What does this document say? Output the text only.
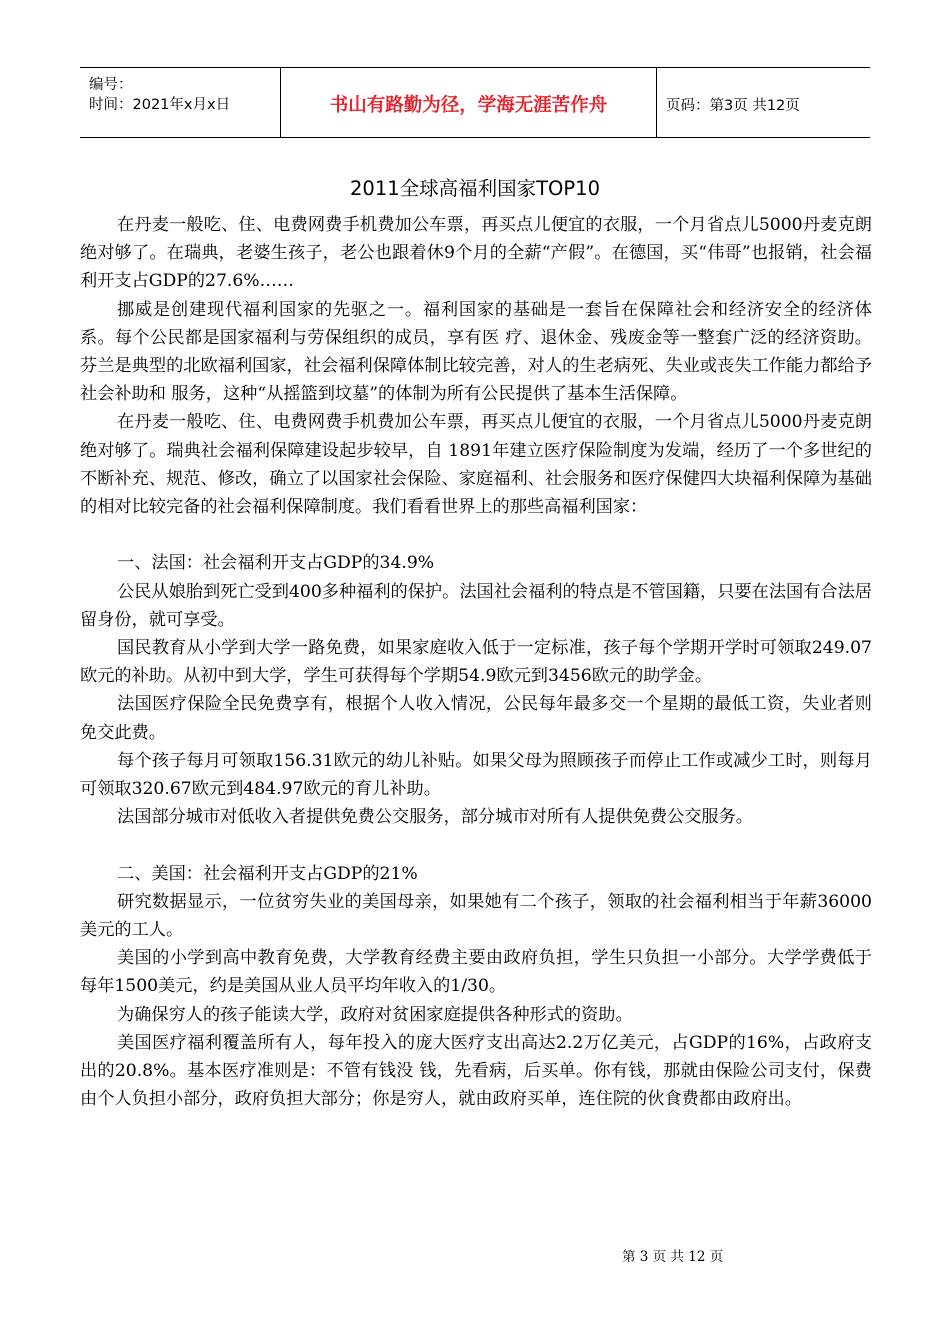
编号：
时间：2021年x月x日	书山有路勤为径，学海无涯苦作舟	页码：第3页 共12页
2011全球高福利国家TOP10

在丹麦一般吃、住、电费网费手机费加公车票，再买点儿便宜的衣服，一个月省点儿5000丹麦克朗绝对够了。在瑞典，老婆生孩子，老公也跟着休9个月的全薪“产假”。在德国，买“伟哥”也报销，社会福利开支占GDP的27.6%……

挪威是创建现代福利国家的先驱之一。福利国家的基础是一套旨在保障社会和经济安全的经济体系。每个公民都是国家福利与劳保组织的成员，享有医 疗、退休金、残废金等一整套广泛的经济资助。芬兰是典型的北欧福利国家，社会福利保障体制比较完善，对人的生老病死、失业或丧失工作能力都给予社会补助和 服务，这种“从摇篮到坟墓”的体制为所有公民提供了基本生活保障。

在丹麦一般吃、住、电费网费手机费加公车票，再买点儿便宜的衣服，一个月省点儿5000丹麦克朗绝对够了。瑞典社会福利保障建设起步较早，自 1891年建立医疗保险制度为发端，经历了一个多世纪的不断补充、规范、修改，确立了以国家社会保险、家庭福利、社会服务和医疗保健四大块福利保障为基础 的相对比较完备的社会福利保障制度。我们看看世界上的那些高福利国家：

一、法国：社会福利开支占GDP的34.9%

公民从娘胎到死亡受到400多种福利的保护。法国社会福利的特点是不管国籍，只要在法国有合法居留身份，就可享受。

国民教育从小学到大学一路免费，如果家庭收入低于一定标准，孩子每个学期开学时可领取249.07欧元的补助。从初中到大学，学生可获得每个学期54.9欧元到3456欧元的助学金。

法国医疗保险全民免费享有，根据个人收入情况，公民每年最多交一个星期的最低工资，失业者则免交此费。

每个孩子每月可领取156.31欧元的幼儿补贴。如果父母为照顾孩子而停止工作或减少工时，则每月可领取320.67欧元到484.97欧元的育儿补助。

法国部分城市对低收入者提供免费公交服务，部分城市对所有人提供免费公交服务。

二、美国：社会福利开支占GDP的21%

研究数据显示，一位贫穷失业的美国母亲，如果她有二个孩子，领取的社会福利相当于年薪36000美元的工人。

美国的小学到高中教育免费，大学教育经费主要由政府负担，学生只负担一小部分。大学学费低于每年1500美元，约是美国从业人员平均年收入的1/30。

为确保穷人的孩子能读大学，政府对贫困家庭提供各种形式的资助。

美国医疗福利覆盖所有人，每年投入的庞大医疗支出高达2.2万亿美元，占GDP的16%，占政府支出的20.8%。基本医疗准则是：不管有钱没 钱，先看病，后买单。你有钱，那就由保险公司支付，保费由个人负担小部分，政府负担大部分；你是穷人，就由政府买单，连住院的伙食费都由政府出。

第 3 页 共 12 页
